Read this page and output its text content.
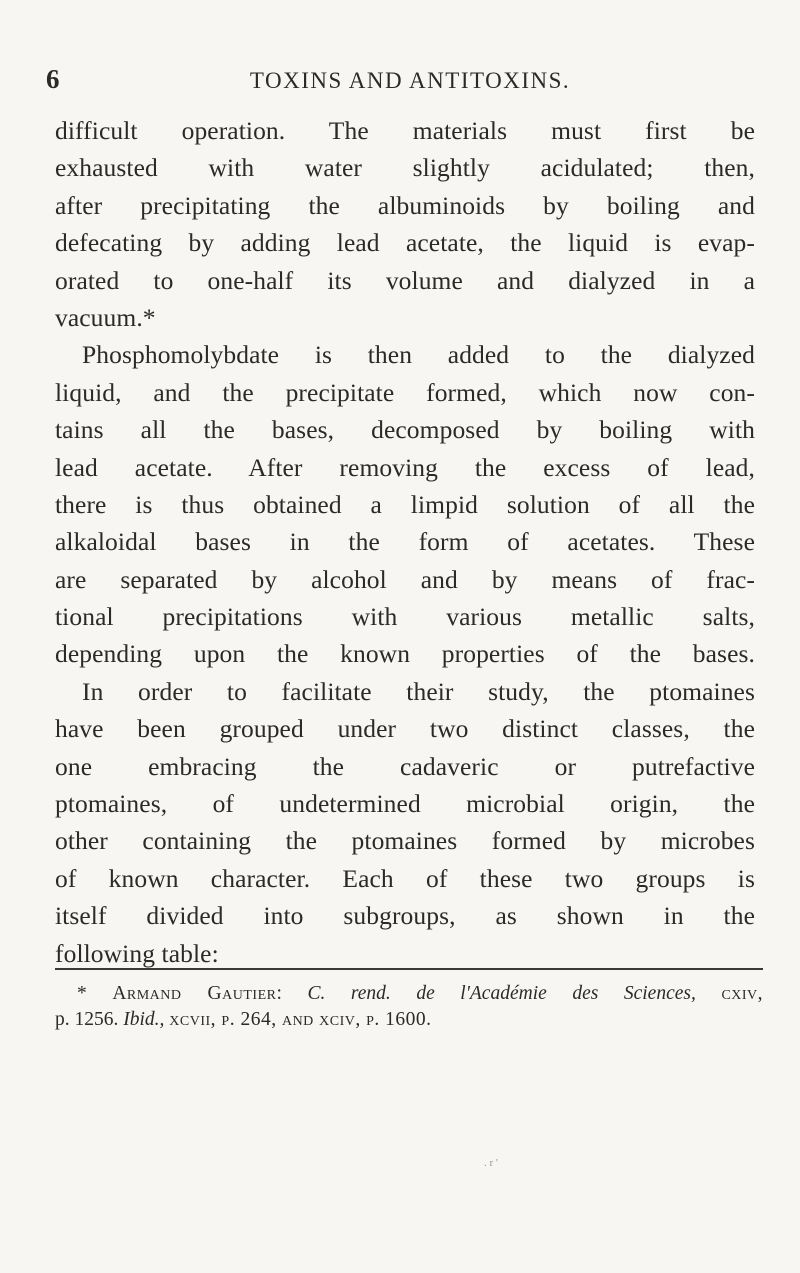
6	TOXINS AND ANTITOXINS.
difficult operation. The materials must first be
exhausted with water slightly acidulated; then,
after precipitating the albuminoids by boiling and
defecating by adding lead acetate, the liquid is evap-
orated to one-half its volume and dialyzed in a
vacuum.*
Phosphomolybdate is then added to the dialyzed
liquid, and the precipitate formed, which now con-
tains all the bases, decomposed by boiling with
lead acetate. After removing the excess of lead,
there is thus obtained a limpid solution of all the
alkaloidal bases in the form of acetates. These
are separated by alcohol and by means of frac-
tional precipitations with various metallic salts,
depending upon the known properties of the bases.
In order to facilitate their study, the ptomaines
have been grouped under two distinct classes, the
one embracing the cadaveric or putrefactive
ptomaines, of undetermined microbial origin, the
other containing the ptomaines formed by microbes
of known character. Each of these two groups is
itself divided into subgroups, as shown in the
following table:
* Armand Gautier: C. rend. de l'Académie des Sciences, cxiv,
p. 1256. Ibid., xcvii, p. 264, and xciv, p. 1600.
. r '
